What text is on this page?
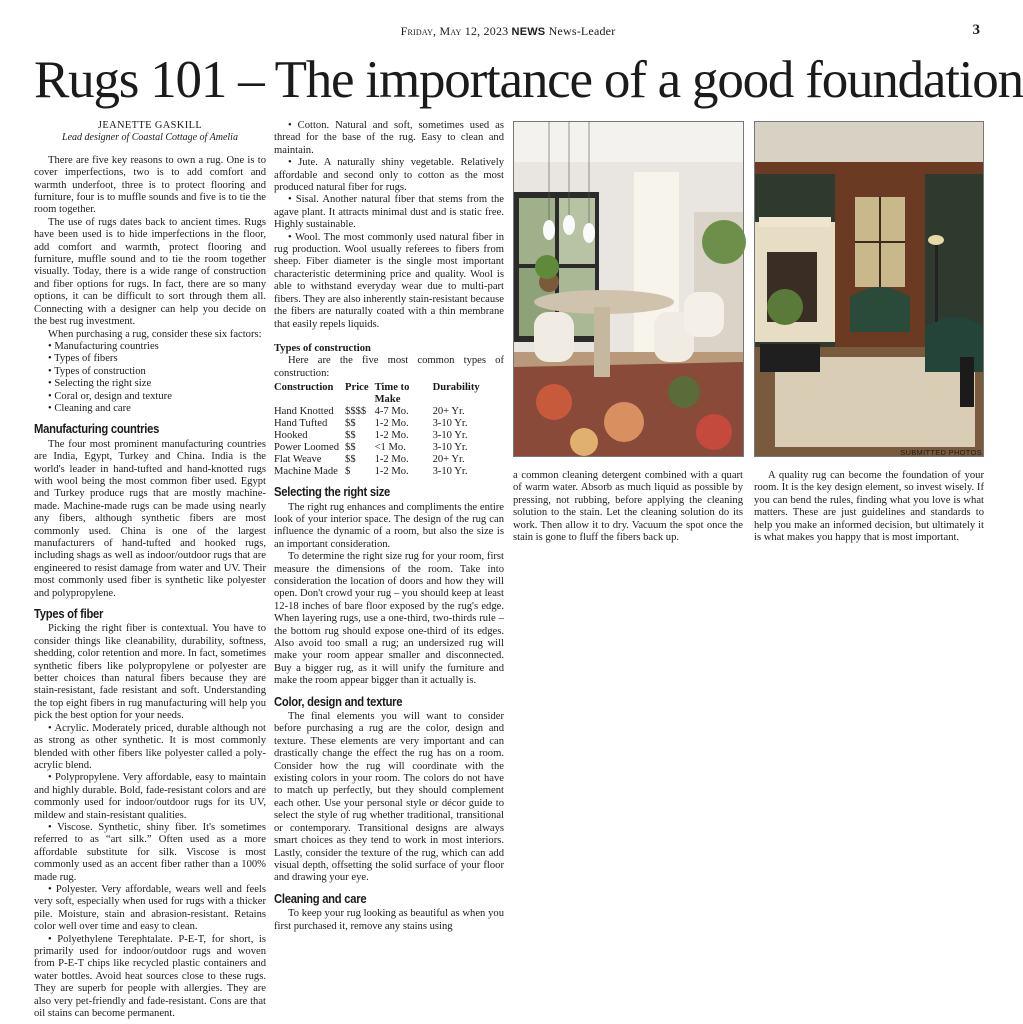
Friday, May 12, 2023 NEWS News-Leader	3
Rugs 101 – The importance of a good foundation
JEANETTE GASKILL
Lead designer of Coastal Cottage of Amelia

There are five key reasons to own a rug. One is to cover imperfections, two is to add comfort and warmth underfoot, three is to protect flooring and furniture, four is to muffle sounds and five is to tie the room together.

The use of rugs dates back to ancient times. Rugs have been used is to hide imperfections in the floor, add comfort and warmth, protect flooring and furniture, muffle sound and to tie the room together visually. Today, there is a wide range of construction and fiber options for rugs. In fact, there are so many options, it can be difficult to sort through them all. Connecting with a designer can help you decide on the best rug investment.

When purchasing a rug, consider these six factors:

• Manufacturing countries
• Types of fibers
• Types of construction
• Selecting the right size
• Coral or, design and texture
• Cleaning and care
Manufacturing countries

The four most prominent manufacturing countries are India, Egypt, Turkey and China. India is the world's leader in hand-tufted and hand-knotted rugs with wool being the most common fiber used. Egypt and Turkey produce rugs that are mostly machine-made. Machine-made rugs can be made using nearly any fibers, although synthetic fibers are most commonly used. China is one of the largest manufacturers of hand-tufted and hooked rugs, including shags as well as indoor/outdoor rugs that are engineered to resist damage from water and UV. Their most commonly used fiber is synthetic like polyester and polypropylene.

Types of fiber

Picking the right fiber is contextual. You have to consider things like cleanability, durability, softness, shedding, color retention and more. In fact, sometimes synthetic fibers like polypropylene or polyester are better choices than natural fibers because they are stain-resistant, fade resistant and soft. Understanding the top eight fibers in rug manufacturing will help you pick the best option for your needs.

• Acrylic. Moderately priced, durable although not as strong as other synthetic. It is most commonly blended with other fibers like polyester called a poly-acrylic blend.

• Polypropylene. Very affordable, easy to maintain and highly durable. Bold, fade-resistant colors and are commonly used for indoor/outdoor rugs for its UV, mildew and stain-resistant qualities.

• Viscose. Synthetic, shiny fiber. It's sometimes referred to as “art silk.” Often used as a more affordable substitute for silk. Viscose is most commonly used as an accent fiber rather than a 100% made rug.

• Polyester. Very affordable, wears well and feels very soft, especially when used for rugs with a thicker pile. Moisture, stain and abrasion-resistant. Retains color well over time and easy to clean.

• Polyethylene Terephtalate. P-E-T, for short, is primarily used for indoor/outdoor rugs and woven from P-E-T chips like recycled plastic containers and water bottles. Avoid heat sources close to these rugs. They are superb for people with allergies. They are also very pet-friendly and fade-resistant. Cons are that oil stains can become permanent.

• Cotton. Natural and soft, sometimes used as thread for the base of the rug. Easy to clean and maintain.

• Jute. A naturally shiny vegetable. Relatively affordable and second only to cotton as the most produced natural fiber for rugs.

• Sisal. Another natural fiber that stems from the agave plant. It attracts minimal dust and is static free. Highly sustainable.

• Wool. The most commonly used natural fiber in rug production. Wool usually referees to fibers from sheep. Fiber diameter is the single most important characteristic determining price and quality. Wool is able to withstand everyday wear due to multi-part fibers. They are also inherently stain-resistant because the fibers are naturally coated with a thin membrane that easily repels liquids.

Types of construction

Here are the five most common types of construction:

Construction	Price	Time to Make	Durability
Hand Knotted	$$$$	4-7 Mo.	20+ Yr.
Hand Tufted	$$	1-2 Mo.	3-10 Yr.
Hooked	$$	1-2 Mo.	3-10 Yr.
Power Loomed	$$	<1 Mo.	3-10 Yr.
Flat Weave	$$	1-2 Mo.	20+ Yr.
Machine Made	$	1-2 Mo.	3-10 Yr.
Selecting the right size

The right rug enhances and compliments the entire look of your interior space. The design of the rug can influence the dynamic of a room, but also the size is an important consideration.

To determine the right size rug for your room, first measure the dimensions of the room. Take into consideration the location of doors and how they will open. Don't crowd your rug – you should keep at least 12-18 inches of bare floor exposed by the rug's edge. When layering rugs, use a one-third, two-thirds rule – the bottom rug should expose one-third of its edges. Also avoid too small a rug; an undersized rug will make your room appear smaller and disconnected. Buy a bigger rug, as it will unify the furniture and make the room appear bigger than it actually is.

Color, design and texture

The final elements you will want to consider before purchasing a rug are the color, design and texture. These elements are very important and can drastically change the effect the rug has on a room. Consider how the rug will coordinate with the existing colors in your room. The colors do not have to match up perfectly, but they should complement each other. Use your personal style or décor guide to select the style of rug whether traditional, transitional or contemporary. Transitional designs are always smart choices as they tend to work in most interiors. Lastly, consider the texture of the rug, which can add visual depth, offsetting the solid surface of your floor and drawing your eye.

Cleaning and care

To keep your rug looking as beautiful as when you first purchased it, remove any stains using

SUBMITTED PHOTOS

a common cleaning detergent combined with a quart of warm water. Absorb as much liquid as possible by pressing, not rubbing, before applying the cleaning solution to the stain. Let the cleaning solution do its work. Then allow it to dry. Vacuum the spot once the stain is gone to fluff the fibers back up.

A quality rug can become the foundation of your room. It is the key design element, so invest wisely. If you can bend the rules, finding what you love is what matters. These are just guidelines and standards to help you make an informed decision, but ultimately it is what makes you happy that is most important.
